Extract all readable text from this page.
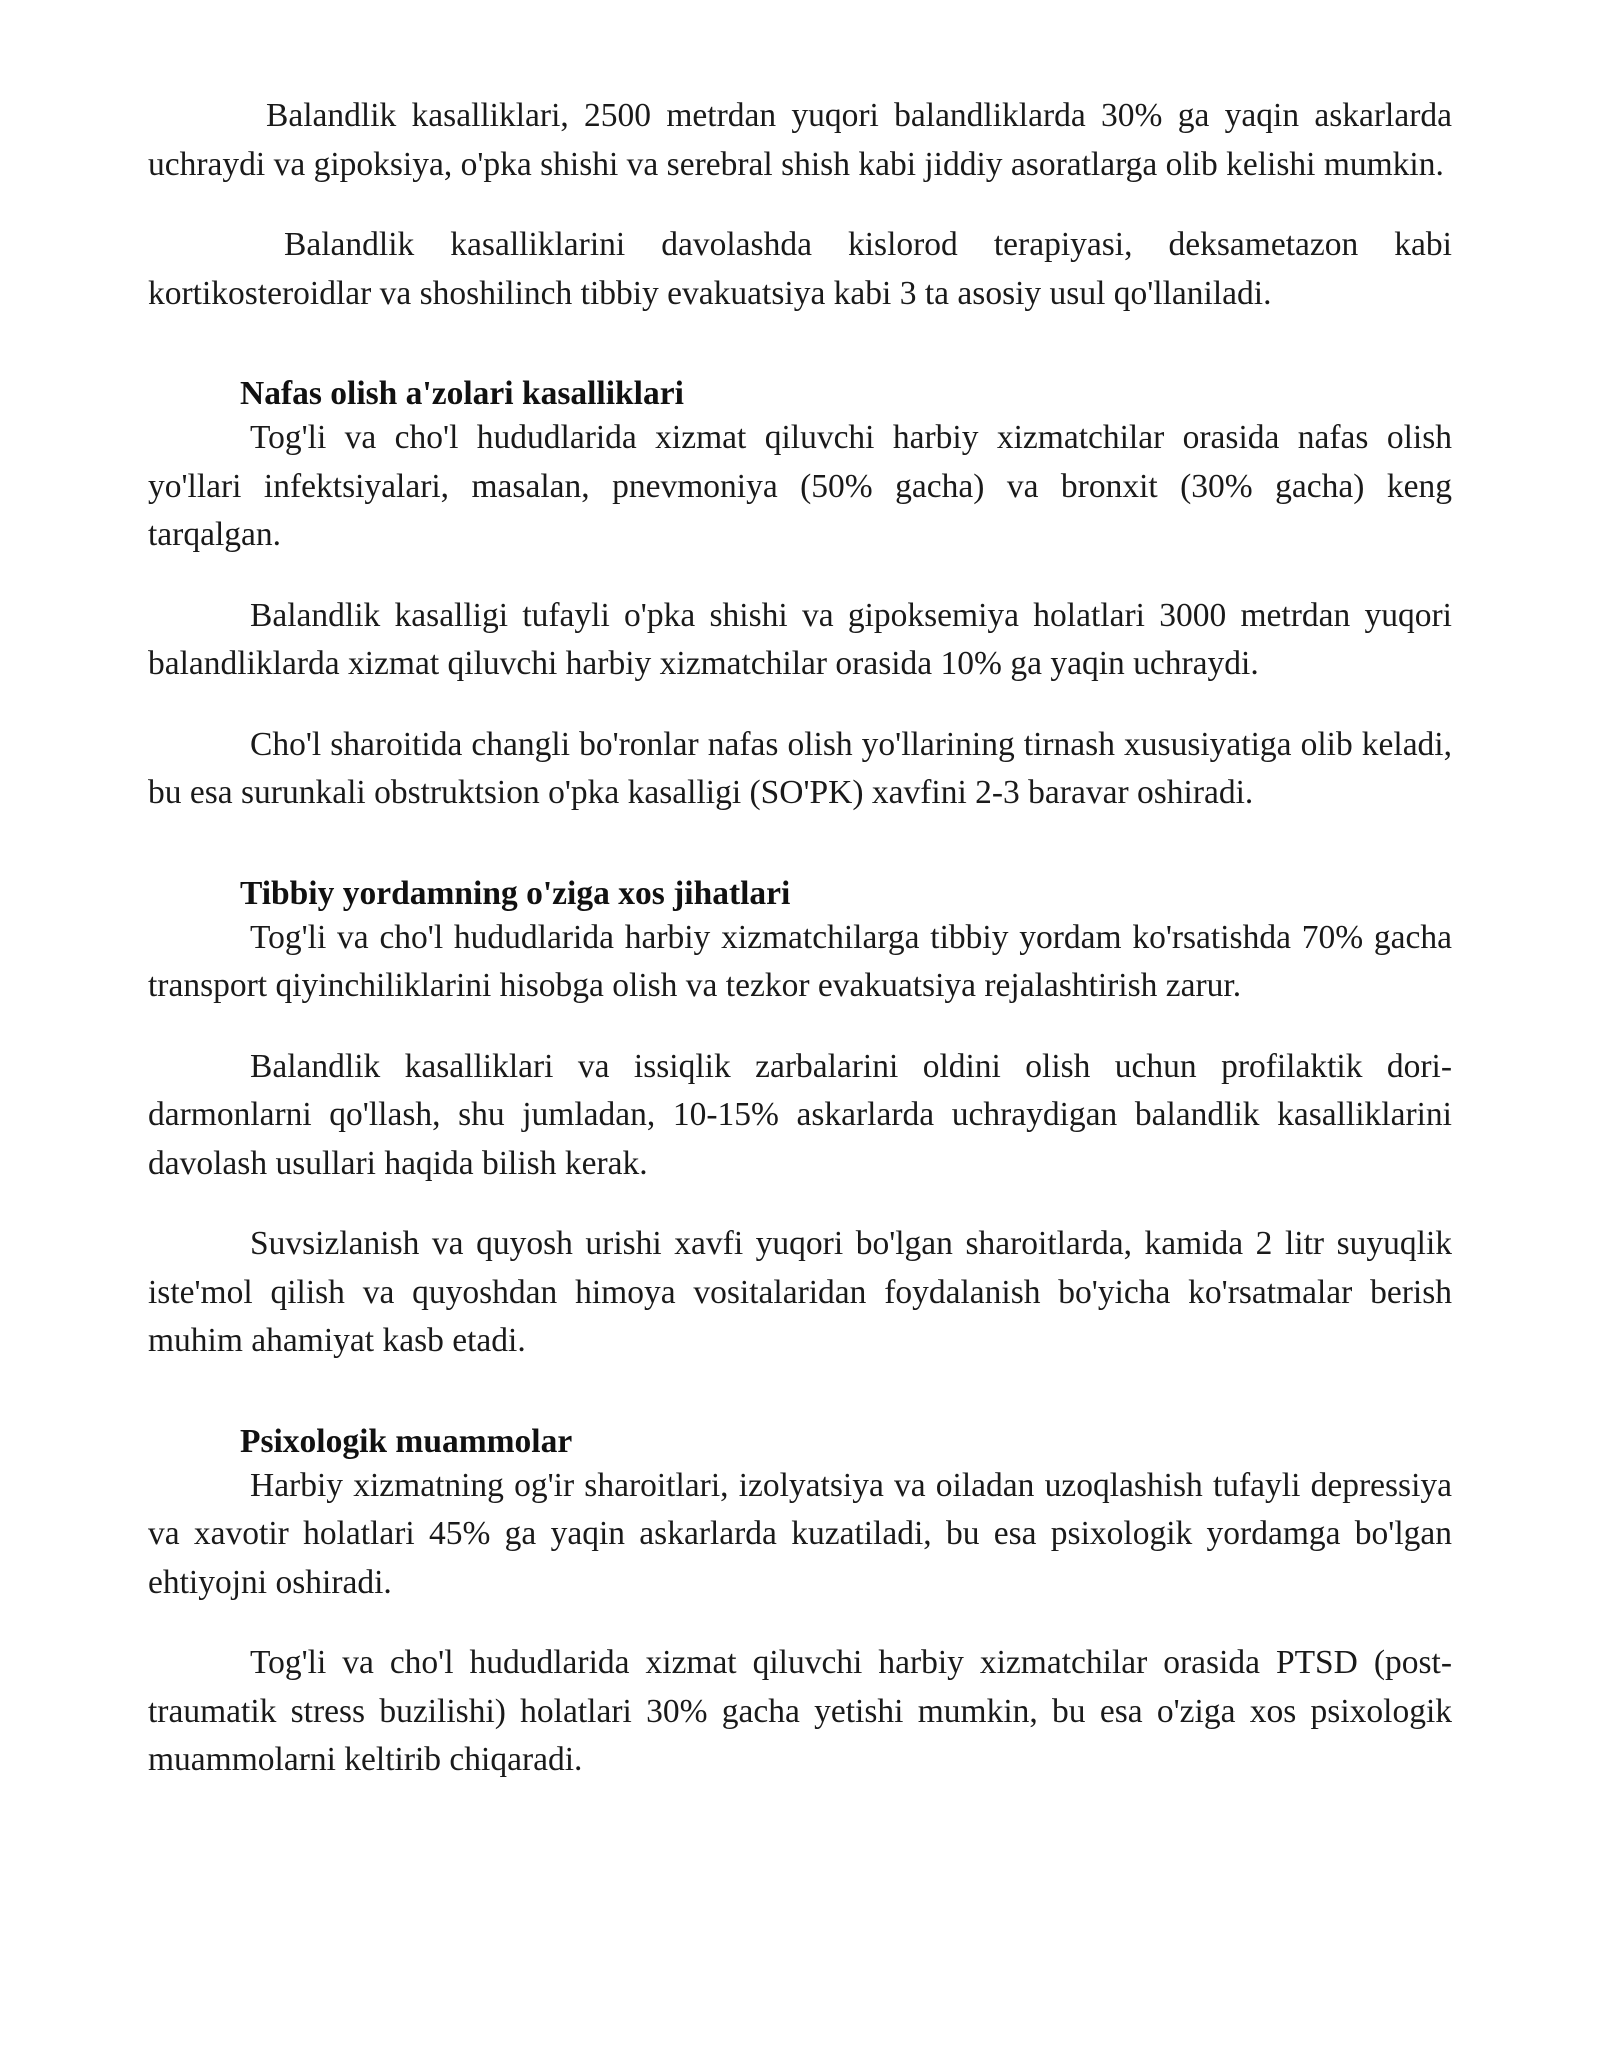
Balandlik kasalliklari, 2500 metrdan yuqori balandliklarda 30% ga yaqin askarlarda uchraydi va gipoksiya, o'pka shishi va serebral shish kabi jiddiy asoratlarga olib kelishi mumkin.

Balandlik kasalliklarini davolashda kislorod terapiyasi, deksametazon kabi kortikosteroidlar va shoshilinch tibbiy evakuatsiya kabi 3 ta asosiy usul qo'llaniladi.

Nafas olish a'zolari kasalliklari

Tog'li va cho'l hududlarida xizmat qiluvchi harbiy xizmatchilar orasida nafas olish yo'llari infektsiyalari, masalan, pnevmoniya (50% gacha) va bronxit (30% gacha) keng tarqalgan.

Balandlik kasalligi tufayli o'pka shishi va gipoksemiya holatlari 3000 metrdan yuqori balandliklarda xizmat qiluvchi harbiy xizmatchilar orasida 10% ga yaqin uchraydi.

Cho'l sharoitida changli bo'ronlar nafas olish yo'llarining tirnash xususiyatiga olib keladi, bu esa surunkali obstruktsion o'pka kasalligi (SO'PK) xavfini 2-3 baravar oshiradi.

Tibbiy yordamning o'ziga xos jihatlari

Tog'li va cho'l hududlarida harbiy xizmatchilarga tibbiy yordam ko'rsatishda 70% gacha transport qiyinchiliklarini hisobga olish va tezkor evakuatsiya rejalashtirish zarur.

Balandlik kasalliklari va issiqlik zarbalarini oldini olish uchun profilaktik dori-darmonlarni qo'llash, shu jumladan, 10-15% askarlarda uchraydigan balandlik kasalliklarini davolash usullari haqida bilish kerak.

Suvsizlanish va quyosh urishi xavfi yuqori bo'lgan sharoitlarda, kamida 2 litr suyuqlik iste'mol qilish va quyoshdan himoya vositalaridan foydalanish bo'yicha ko'rsatmalar berish muhim ahamiyat kasb etadi.

Psixologik muammolar

Harbiy xizmatning og'ir sharoitlari, izolyatsiya va oiladan uzoqlashish tufayli depressiya va xavotir holatlari 45% ga yaqin askarlarda kuzatiladi, bu esa psixologik yordamga bo'lgan ehtiyojni oshiradi.

Tog'li va cho'l hududlarida xizmat qiluvchi harbiy xizmatchilar orasida PTSD (post-traumatik stress buzilishi) holatlari 30% gacha yetishi mumkin, bu esa o'ziga xos psixologik muammolarni keltirib chiqaradi.
